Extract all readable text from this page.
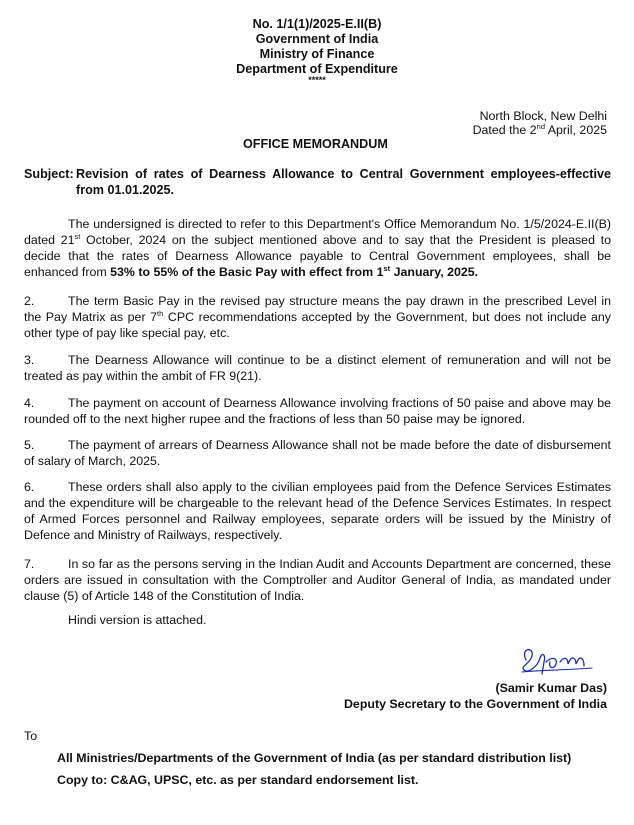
No. 1/1(1)/2025-E.II(B)
Government of India
Ministry of Finance
Department of Expenditure
*****
North Block, New Delhi
Dated the 2nd April, 2025
OFFICE MEMORANDUM
Subject: Revision of rates of Dearness Allowance to Central Government employees-effective from 01.01.2025.
The undersigned is directed to refer to this Department's Office Memorandum No. 1/5/2024-E.II(B) dated 21st October, 2024 on the subject mentioned above and to say that the President is pleased to decide that the rates of Dearness Allowance payable to Central Government employees, shall be enhanced from 53% to 55% of the Basic Pay with effect from 1st January, 2025.
2.	The term Basic Pay in the revised pay structure means the pay drawn in the prescribed Level in the Pay Matrix as per 7th CPC recommendations accepted by the Government, but does not include any other type of pay like special pay, etc.
3.	The Dearness Allowance will continue to be a distinct element of remuneration and will not be treated as pay within the ambit of FR 9(21).
4.	The payment on account of Dearness Allowance involving fractions of 50 paise and above may be rounded off to the next higher rupee and the fractions of less than 50 paise may be ignored.
5.	The payment of arrears of Dearness Allowance shall not be made before the date of disbursement of salary of March, 2025.
6.	These orders shall also apply to the civilian employees paid from the Defence Services Estimates and the expenditure will be chargeable to the relevant head of the Defence Services Estimates. In respect of Armed Forces personnel and Railway employees, separate orders will be issued by the Ministry of Defence and Ministry of Railways, respectively.
7.	In so far as the persons serving in the Indian Audit and Accounts Department are concerned, these orders are issued in consultation with the Comptroller and Auditor General of India, as mandated under clause (5) of Article 148 of the Constitution of India.
Hindi version is attached.
(Samir Kumar Das)
Deputy Secretary to the Government of India
To
All Ministries/Departments of the Government of India (as per standard distribution list)
Copy to: C&AG, UPSC, etc. as per standard endorsement list.
